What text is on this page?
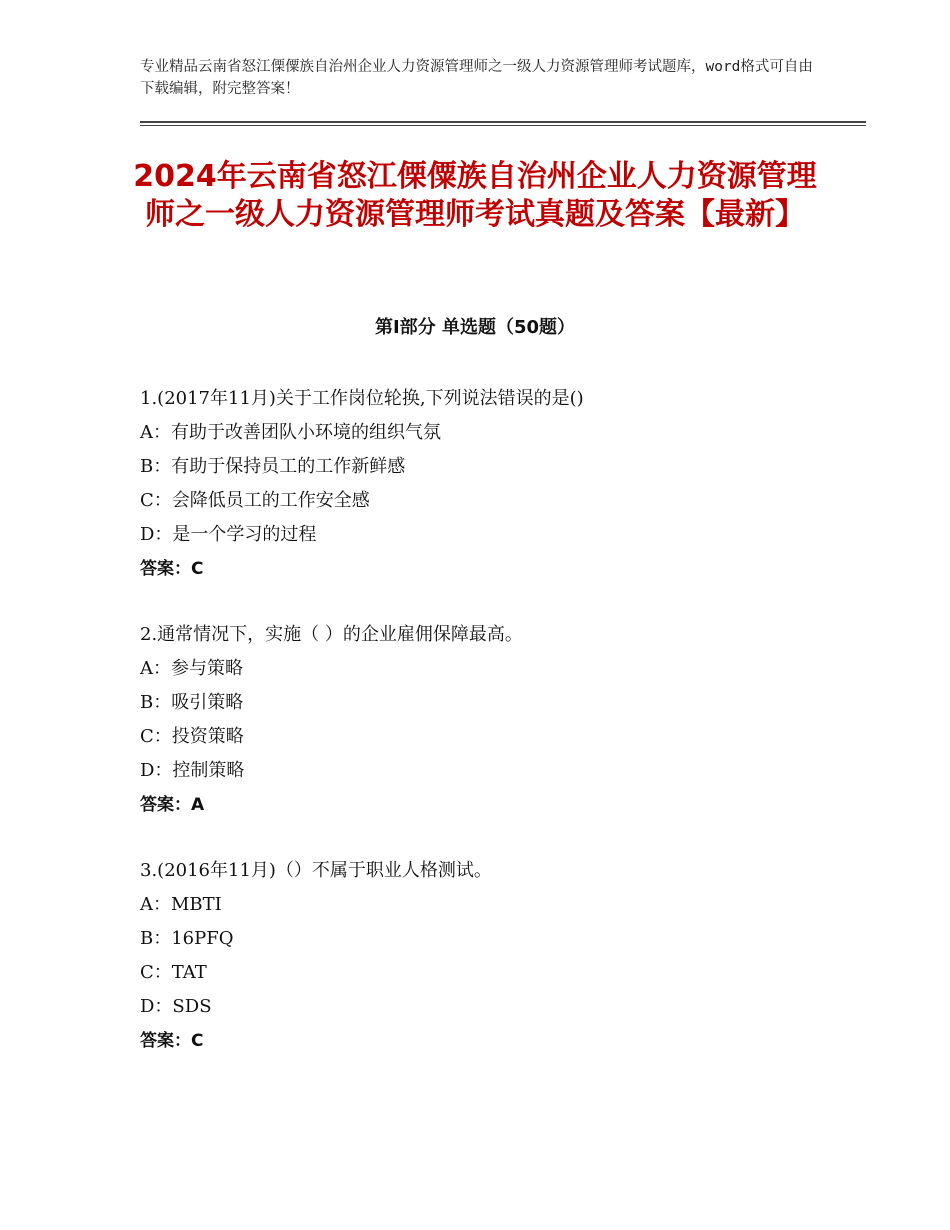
专业精品云南省怒江傈僳族自治州企业人力资源管理师之一级人力资源管理师考试题库，word格式可自由下载编辑，附完整答案！
2024年云南省怒江傈僳族自治州企业人力资源管理师之一级人力资源管理师考试真题及答案【最新】
第Ⅰ部分 单选题（50题）
1.(2017年11月)关于工作岗位轮换,下列说法错误的是()
A：有助于改善团队小环境的组织气氛
B：有助于保持员工的工作新鲜感
C：会降低员工的工作安全感
D：是一个学习的过程
答案：C
2.通常情况下，实施（ ）的企业雇佣保障最高。
A：参与策略
B：吸引策略
C：投资策略
D：控制策略
答案：A
3.(2016年11月)（）不属于职业人格测试。
A：MBTI
B：16PFQ
C：TAT
D：SDS
答案：C
